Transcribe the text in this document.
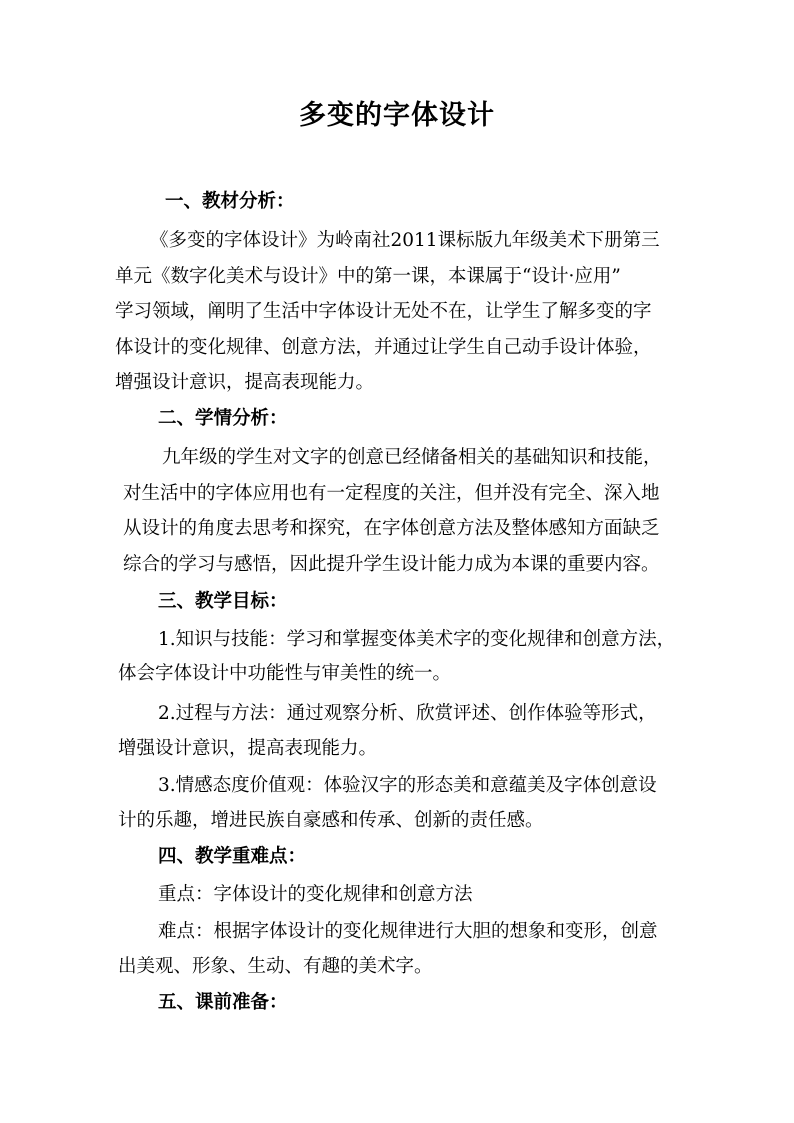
多变的字体设计
一、教材分析：
《多变的字体设计》为岭南社2011课标版九年级美术下册第三
单元《数字化美术与设计》中的第一课，本课属于“设计·应用”
学习领域，阐明了生活中字体设计无处不在，让学生了解多变的字
体设计的变化规律、创意方法，并通过让学生自己动手设计体验，
增强设计意识，提高表现能力。
二、学情分析：
九年级的学生对文字的创意已经储备相关的基础知识和技能，
对生活中的字体应用也有一定程度的关注，但并没有完全、深入地
从设计的角度去思考和探究，在字体创意方法及整体感知方面缺乏
综合的学习与感悟，因此提升学生设计能力成为本课的重要内容。
三、教学目标：
1.知识与技能：学习和掌握变体美术字的变化规律和创意方法，
体会字体设计中功能性与审美性的统一。
2.过程与方法：通过观察分析、欣赏评述、创作体验等形式，
增强设计意识，提高表现能力。
3.情感态度价值观：体验汉字的形态美和意蕴美及字体创意设
计的乐趣，增进民族自豪感和传承、创新的责任感。
四、教学重难点：
重点：字体设计的变化规律和创意方法
难点：根据字体设计的变化规律进行大胆的想象和变形，创意
出美观、形象、生动、有趣的美术字。
五、课前准备：
